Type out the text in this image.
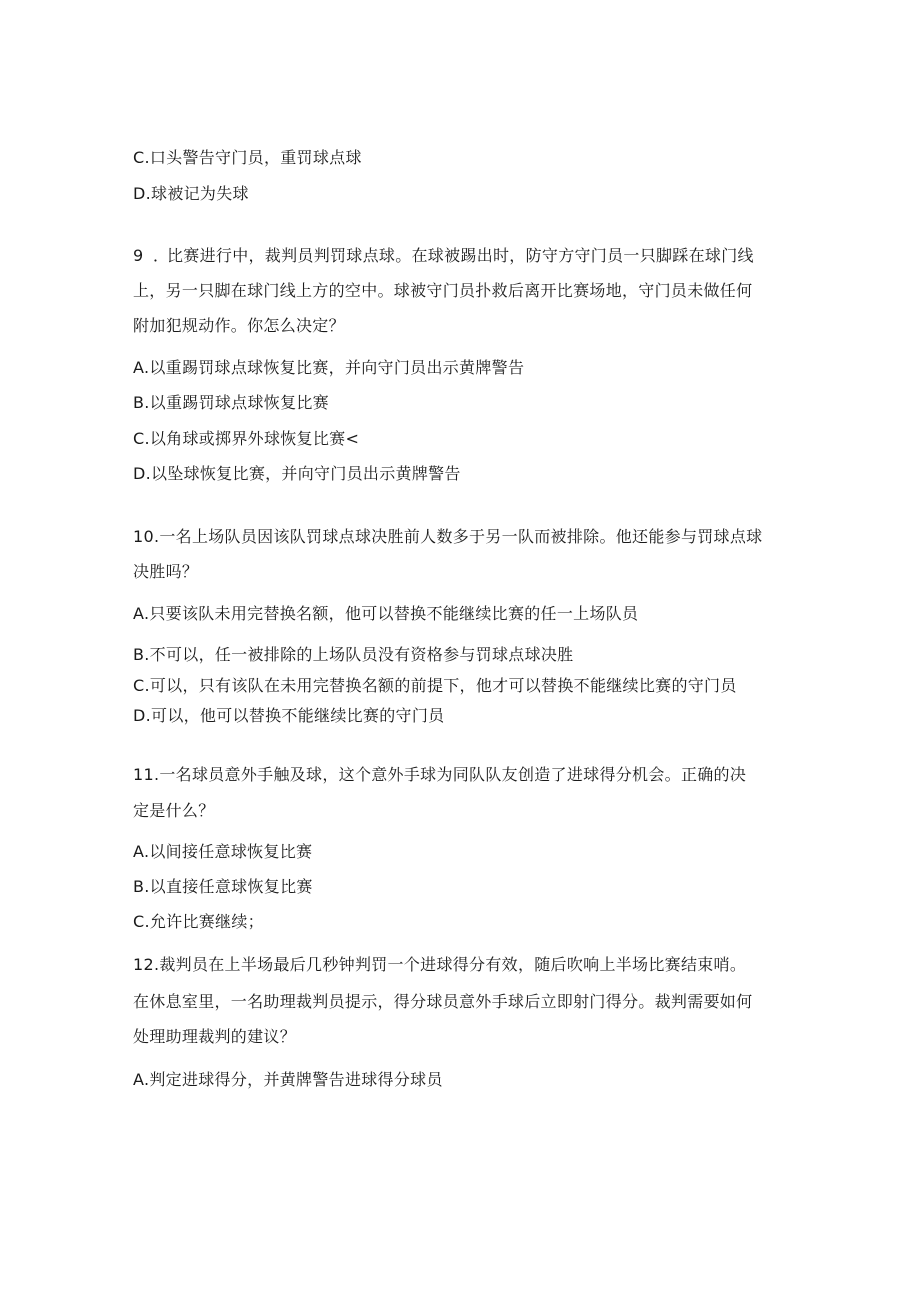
C.口头警告守门员，重罚球点球
D.球被记为失球
9 ．比赛进行中，裁判员判罚球点球。在球被踢出时，防守方守门员一只脚踩在球门线
上，另一只脚在球门线上方的空中。球被守门员扑救后离开比赛场地，守门员未做任何
附加犯规动作。你怎么决定？
A.以重踢罚球点球恢复比赛，并向守门员出示黄牌警告
B.以重踢罚球点球恢复比赛
C.以角球或掷界外球恢复比赛<
D.以坠球恢复比赛，并向守门员出示黄牌警告
10.一名上场队员因该队罚球点球决胜前人数多于另一队而被排除。他还能参与罚球点球
决胜吗？
A.只要该队未用完替换名额，他可以替换不能继续比赛的任一上场队员
B.不可以，任一被排除的上场队员没有资格参与罚球点球决胜
C.可以，只有该队在未用完替换名额的前提下，他才可以替换不能继续比赛的守门员
D.可以，他可以替换不能继续比赛的守门员
11.一名球员意外手触及球，这个意外手球为同队队友创造了进球得分机会。正确的决
定是什么？
A.以间接任意球恢复比赛
B.以直接任意球恢复比赛
C.允许比赛继续；
12.裁判员在上半场最后几秒钟判罚一个进球得分有效，随后吹响上半场比赛结束哨。
在休息室里，一名助理裁判员提示，得分球员意外手球后立即射门得分。裁判需要如何
处理助理裁判的建议？
A.判定进球得分，并黄牌警告进球得分球员
